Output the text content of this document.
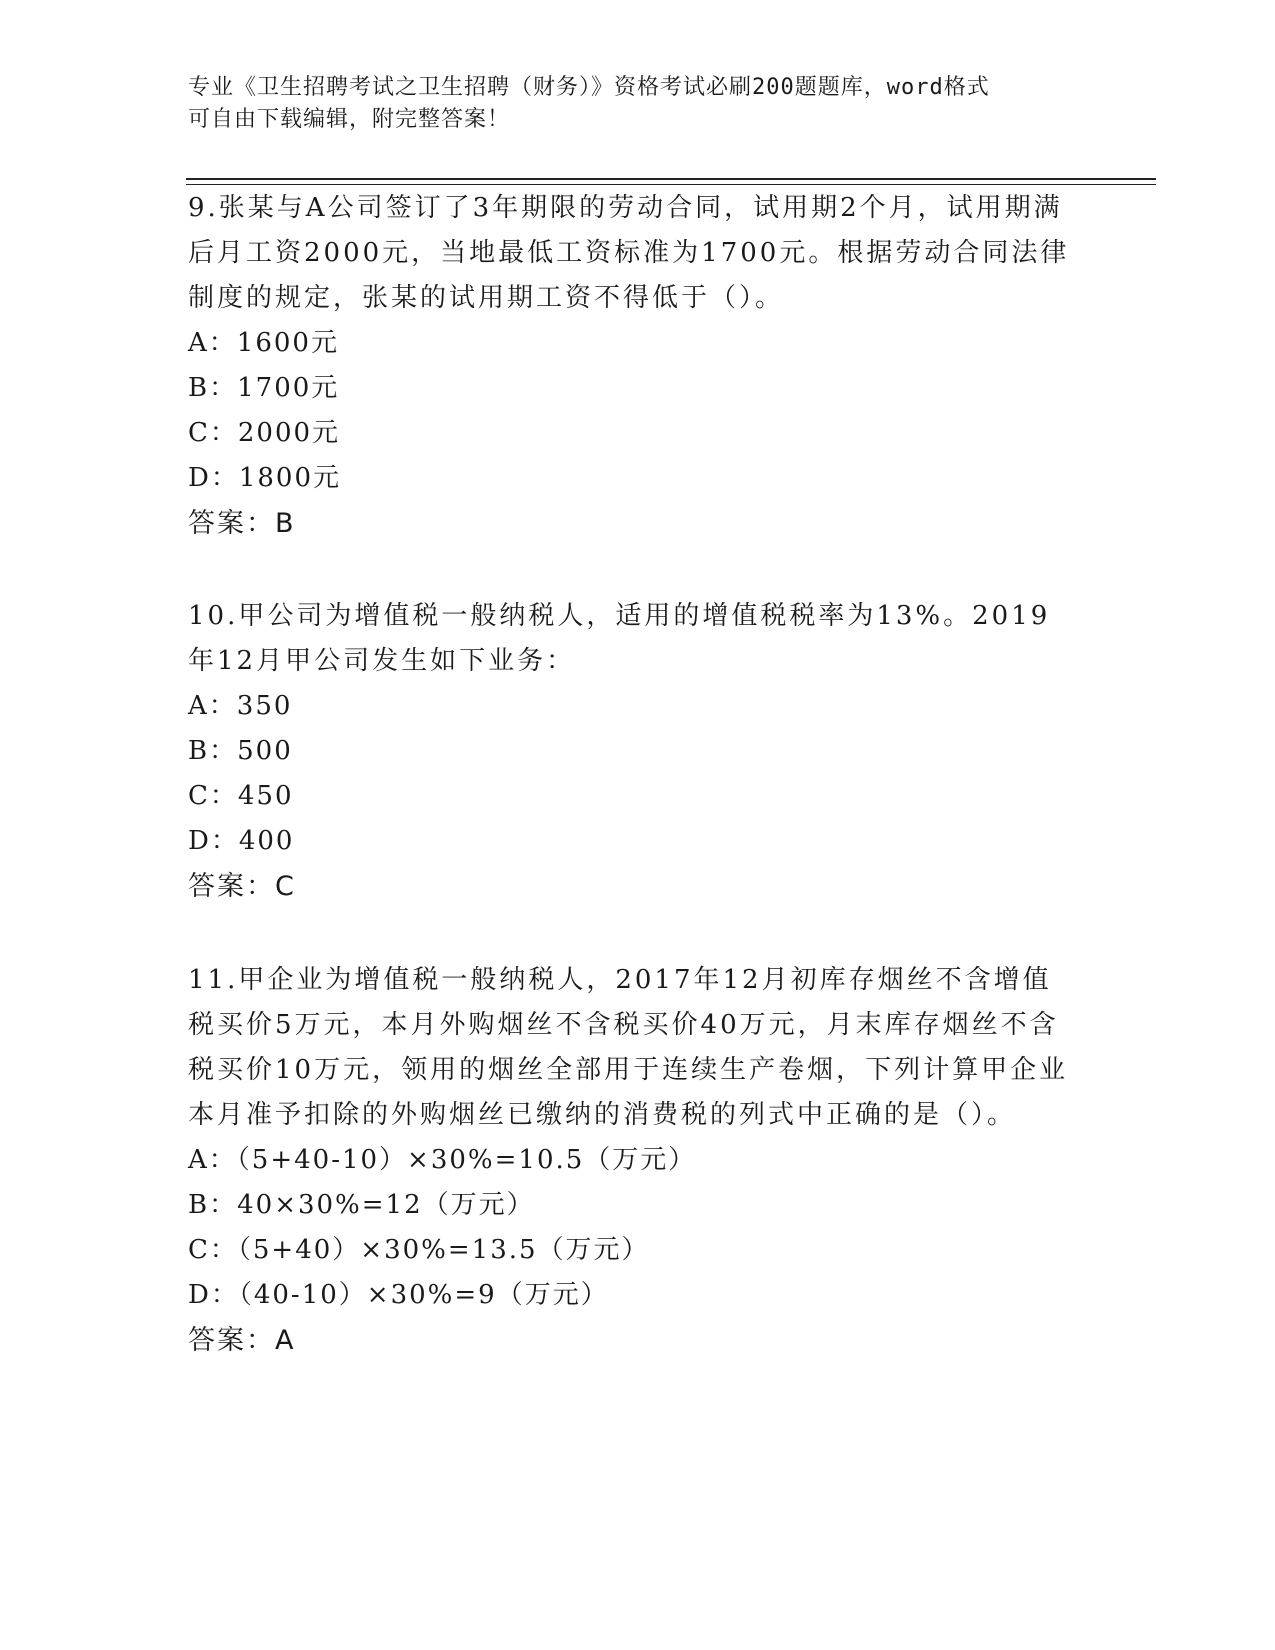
专业《卫生招聘考试之卫生招聘（财务）》资格考试必刷200题题库，word格式
可自由下载编辑，附完整答案！

9.张某与A公司签订了3年期限的劳动合同，试用期2个月，试用期满后月工资2000元，当地最低工资标准为1700元。根据劳动合同法律制度的规定，张某的试用期工资不得低于（）。

A：1600元

B：1700元

C：2000元

D：1800元

答案：B

10.甲公司为增值税一般纳税人，适用的增值税税率为13%。2019年12月甲公司发生如下业务：

A：350

B：500

C：450

D：400

答案：C

11.甲企业为增值税一般纳税人，2017年12月初库存烟丝不含增值税买价5万元，本月外购烟丝不含税买价40万元，月末库存烟丝不含税买价10万元，领用的烟丝全部用于连续生产卷烟，下列计算甲企业本月准予扣除的外购烟丝已缴纳的消费税的列式中正确的是（）。

A：（5+40-10）×30%=10.5（万元）

B：40×30%=12（万元）

C：（5+40）×30%=13.5（万元）

D：（40-10）×30%=9（万元）

答案：A
